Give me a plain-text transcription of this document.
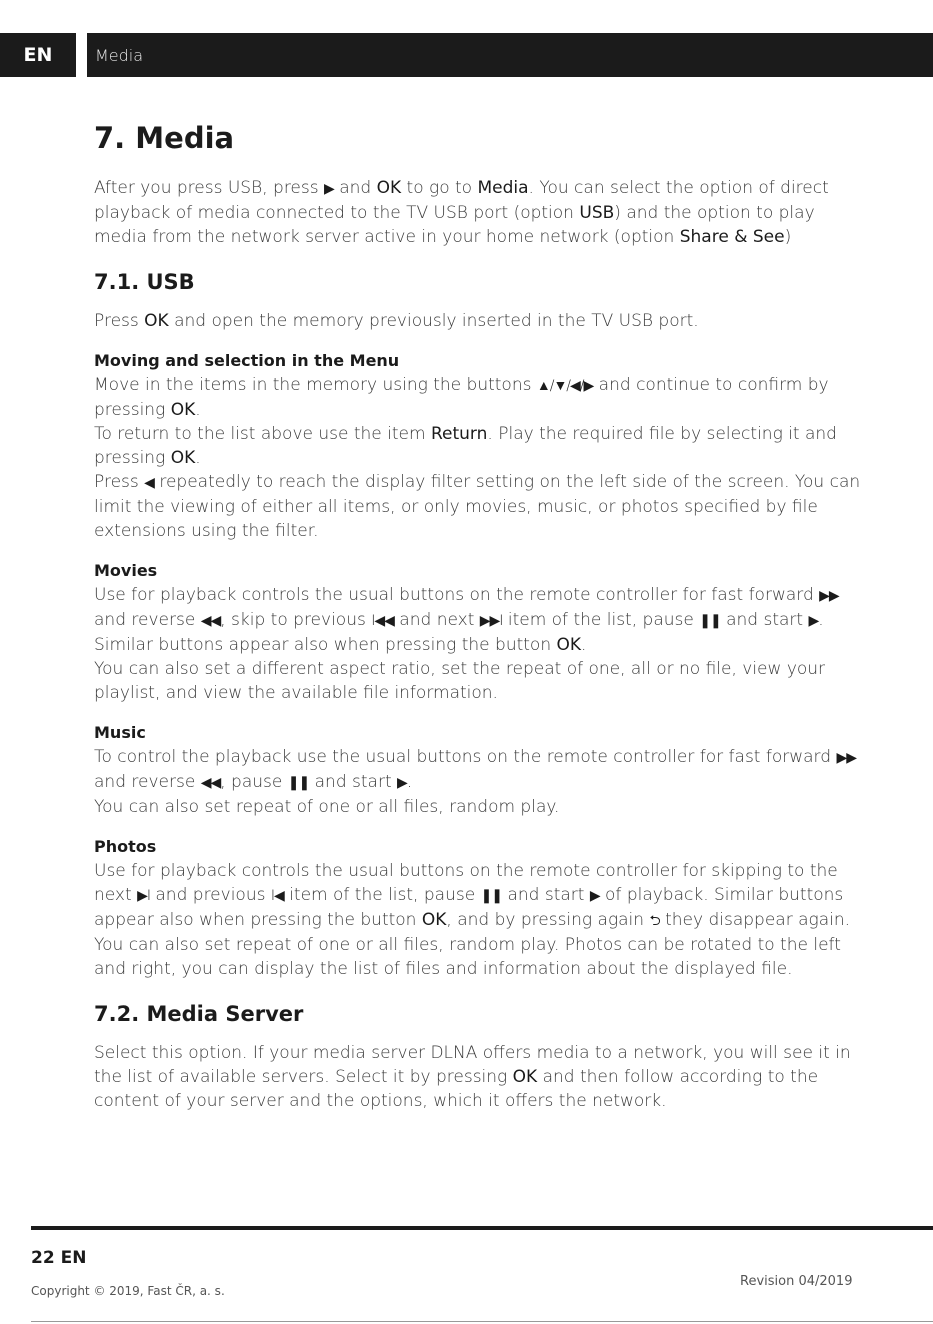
EN	Media
7. Media

After you press USB, press ▶ and OK to go to Media. You can select the option of direct playback of media connected to the TV USB port (option USB) and the option to play media from the network server active in your home network (option Share & See)

7.1. USB

Press OK and open the memory previously inserted in the TV USB port.

Moving and selection in the Menu

Move in the items in the memory using the buttons ▲/▼/◀/▶ and continue to confirm by pressing OK.

To return to the list above use the item Return. Play the required file by selecting it and pressing OK.

Press ◀ repeatedly to reach the display filter setting on the left side of the screen. You can limit the viewing of either all items, or only movies, music, or photos specified by file extensions using the filter.

Movies

Use for playback controls the usual buttons on the remote controller for fast forward ▶▶ and reverse ◀◀, skip to previous I◀◀ and next ▶▶I item of the list, pause ❚❚ and start ▶. Similar buttons appear also when pressing the button OK.

You can also set a different aspect ratio, set the repeat of one, all or no file, view your playlist, and view the available file information.

Music

To control the playback use the usual buttons on the remote controller for fast forward ▶▶ and reverse ◀◀, pause ❚❚ and start ▶.

You can also set repeat of one or all files, random play.

Photos

Use for playback controls the usual buttons on the remote controller for skipping to the next ▶I and previous I◀ item of the list, pause ❚❚ and start ▶ of playback. Similar buttons appear also when pressing the button OK, and by pressing again ⮌ they disappear again. You can also set repeat of one or all files, random play. Photos can be rotated to the left and right, you can display the list of files and information about the displayed file.

7.2. Media Server

Select this option. If your media server DLNA offers media to a network, you will see it in the list of available servers. Select it by pressing OK and then follow according to the content of your server and the options, which it offers the network.

22 EN
Copyright © 2019, Fast ČR, a. s.
Revision 04/2019
